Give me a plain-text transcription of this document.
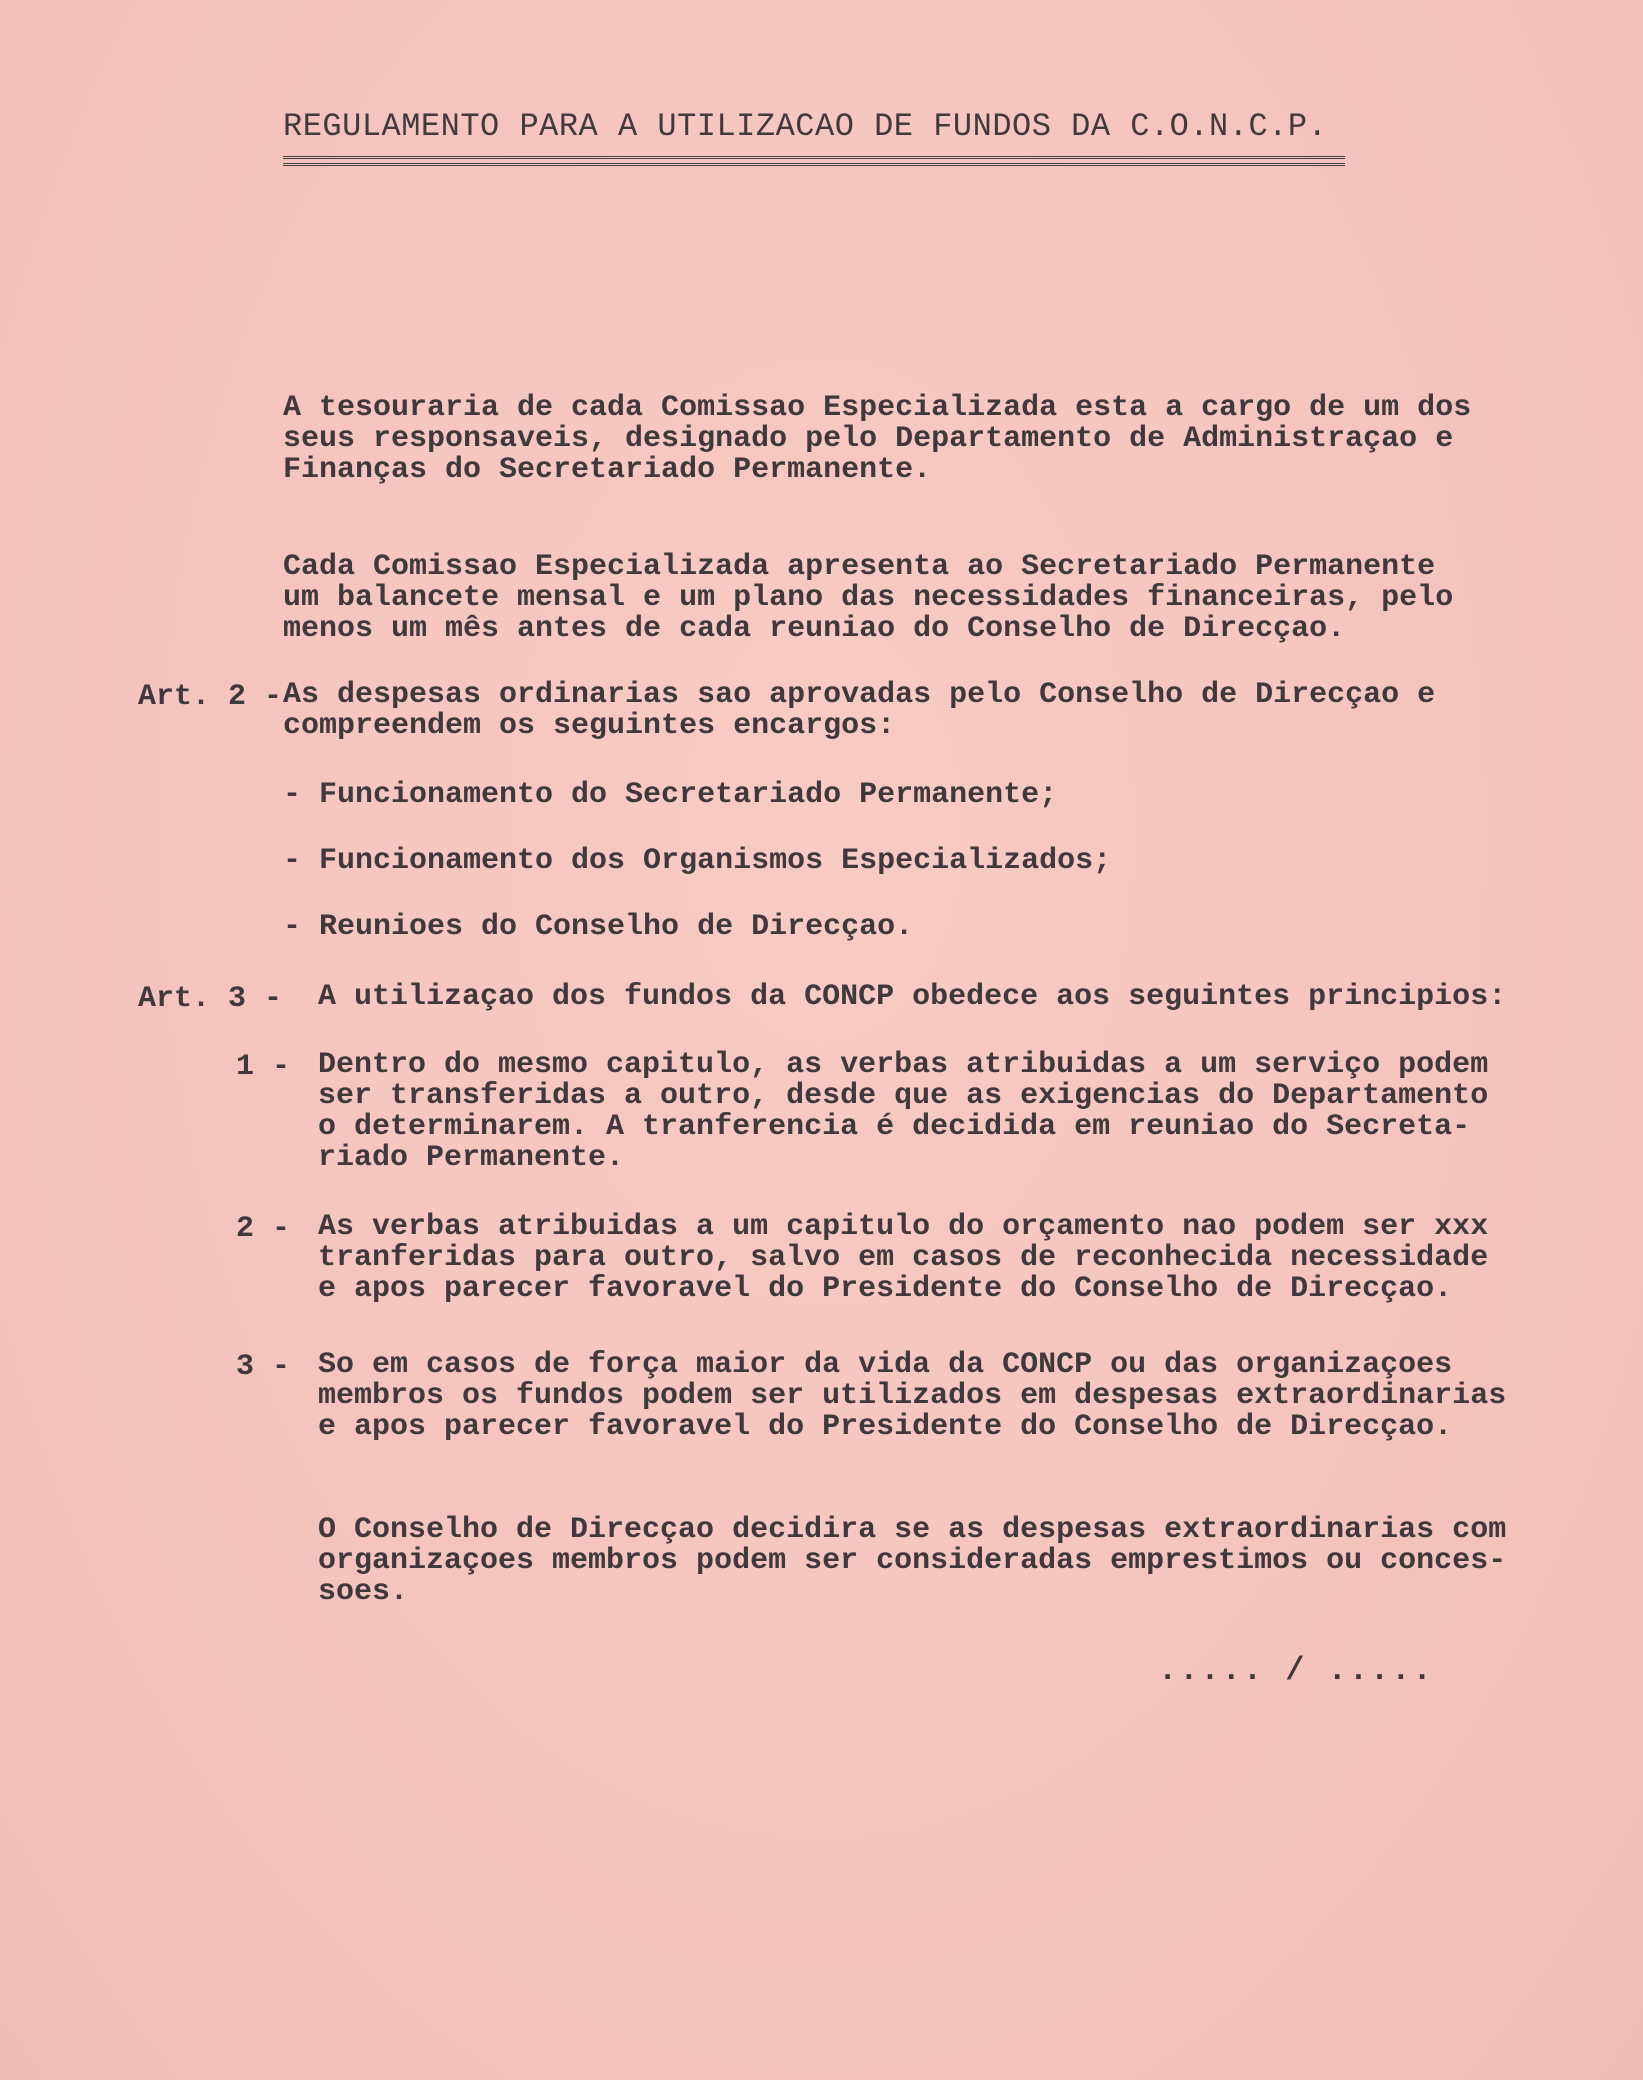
REGULAMENTO PARA A UTILIZACAO DE FUNDOS DA C.O.N.C.P.
A tesouraria de cada Comissao Especializada esta a cargo de um dos
seus responsaveis, designado pelo Departamento de Administraçao e
Finanças do Secretariado Permanente.
Cada Comissao Especializada apresenta ao Secretariado Permanente
um balancete mensal e um plano das necessidades financeiras, pelo
menos um mês antes de cada reuniao do Conselho de Direcçao.
Art. 2 - As despesas ordinarias sao aprovadas pelo Conselho de Direcçao e
compreendem os seguintes encargos:
- Funcionamento do Secretariado Permanente;
- Funcionamento dos Organismos Especializados;
- Reunioes do Conselho de Direcçao.
Art. 3 - A utilizaçao dos fundos da CONCP obedece aos seguintes principios:
1 - Dentro do mesmo capitulo, as verbas atribuidas a um serviço podem
ser transferidas a outro, desde que as exigencias do Departamento
o determinarem. A tranferencia é decidida em reuniao do Secreta-
riado Permanente.
2 - As verbas atribuidas a um capitulo do orçamento nao podem ser xxx
tranferidas para outro, salvo em casos de reconhecida necessidade
e apos parecer favoravel do Presidente do Conselho de Direcçao.
3 - So em casos de força maior da vida da CONCP ou das organizaçoes
membros os fundos podem ser utilizados em despesas extraordinarias
e apos parecer favoravel do Presidente do Conselho de Direcçao.
O Conselho de Direcçao decidira se as despesas extraordinarias com
organizaçoes membros podem ser consideradas emprestimos ou conces-
soes.
..... / .....
